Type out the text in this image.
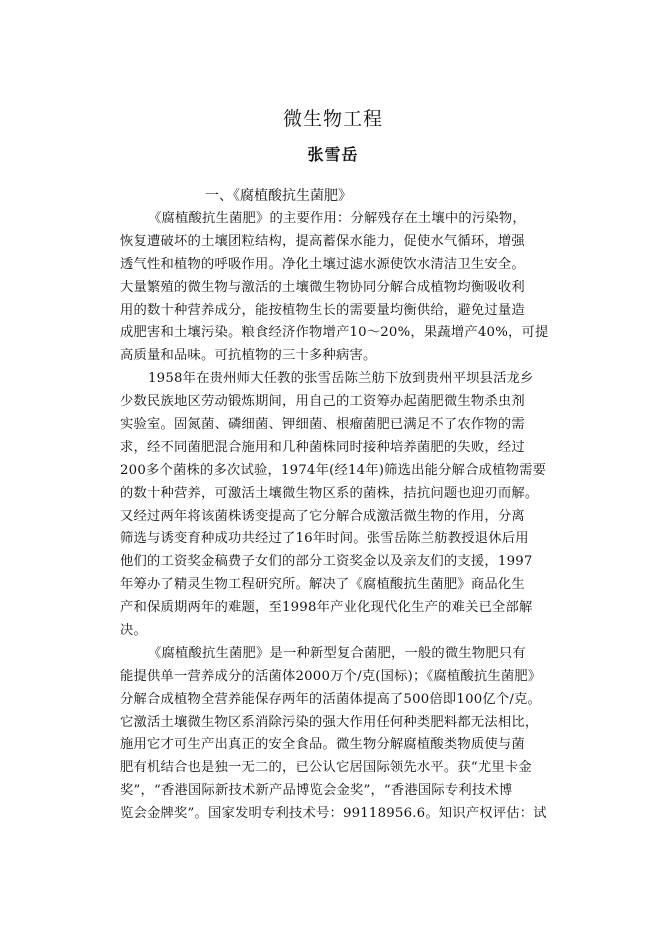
微生物工程
张雪岳
一、《腐植酸抗生菌肥》
《腐植酸抗生菌肥》的主要作用：分解残存在土壤中的污染物，
恢复遭破坏的土壤团粒结构，提高蓄保水能力，促使水气循环，增强
透气性和植物的呼吸作用。净化土壤过滤水源使饮水清洁卫生安全。
大量繁殖的微生物与激活的土壤微生物协同分解合成植物均衡吸收利
用的数十种营养成分，能按植物生长的需要量均衡供给，避免过量造
成肥害和土壤污染。粮食经济作物增产10～20%，果蔬增产40%，可提
高质量和品味。可抗植物的三十多种病害。
1958年在贵州师大任教的张雪岳陈兰舫下放到贵州平坝县活龙乡
少数民族地区劳动锻炼期间，用自己的工资筹办起菌肥微生物杀虫剂
实验室。固氮菌、磷细菌、钾细菌、根瘤菌肥已满足不了农作物的需
求，经不同菌肥混合施用和几种菌株同时接种培养菌肥的失败，经过
200多个菌株的多次试验，1974年(经14年)筛选出能分解合成植物需要
的数十种营养，可激活土壤微生物区系的菌株，拮抗问题也迎刃而解。
又经过两年将该菌株诱变提高了它分解合成激活微生物的作用，分离
筛选与诱变育种成功共经过了16年时间。张雪岳陈兰舫教授退休后用
他们的工资奖金稿费子女们的部分工资奖金以及亲友们的支援，1997
年筹办了精灵生物工程研究所。解决了《腐植酸抗生菌肥》商品化生
产和保质期两年的难题，至1998年产业化现代化生产的难关已全部解
决。
《腐植酸抗生菌肥》是一种新型复合菌肥，一般的微生物肥只有
能提供单一营养成分的活菌体2000万个/克(国标)；《腐植酸抗生菌肥》
分解合成植物全营养能保存两年的活菌体提高了500倍即100亿个/克。
它激活土壤微生物区系消除污染的强大作用任何种类肥料都无法相比，
施用它才可生产出真正的安全食品。微生物分解腐植酸类物质使与菌
肥有机结合也是独一无二的，已公认它居国际领先水平。获“尤里卡金
奖”，“香港国际新技术新产品博览会金奖”，“香港国际专利技术博
览会金牌奖”。国家发明专利技术号：99118956.6。知识产权评估：试
